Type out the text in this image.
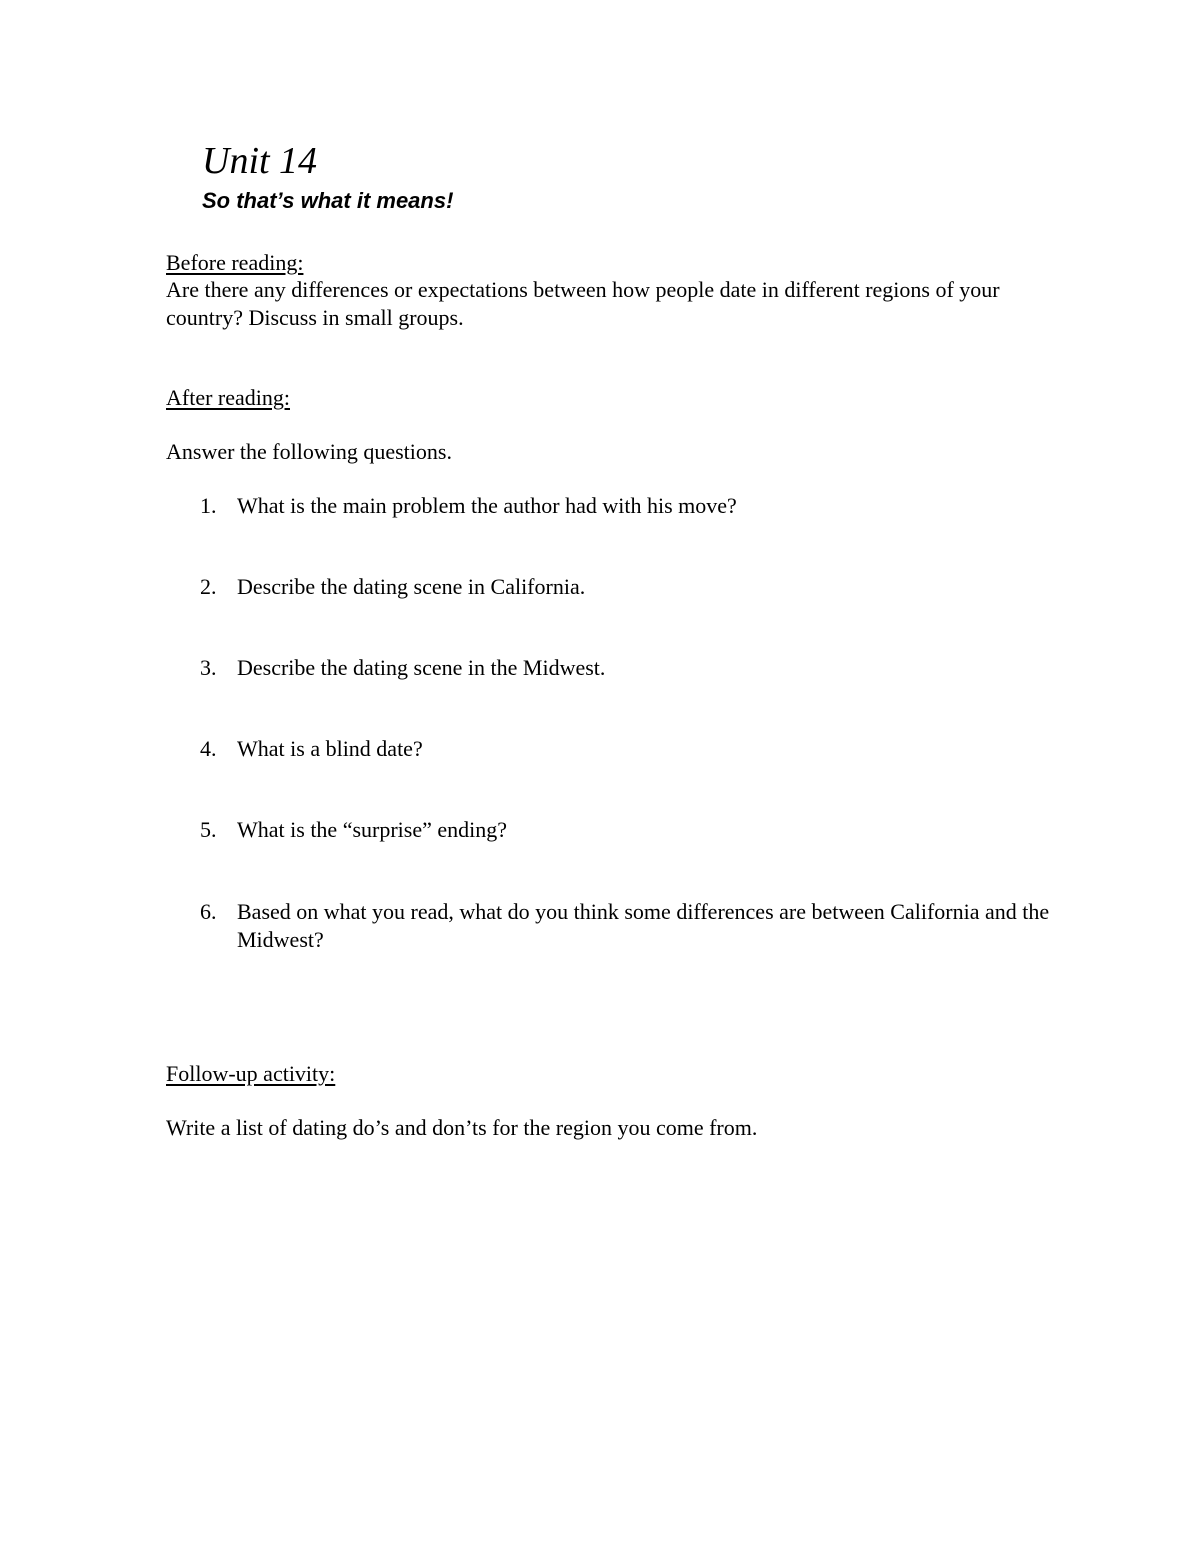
Unit 14
So that’s what it means!
Before reading:

Are there any differences or expectations between how people date in different regions of your country? Discuss in small groups.

After reading:

Answer the following questions.

1. What is the main problem the author had with his move?
2. Describe the dating scene in California.
3. Describe the dating scene in the Midwest.
4. What is a blind date?
5. What is the “surprise” ending?
6. Based on what you read, what do you think some differences are between California and the Midwest?
Follow-up activity:

Write a list of dating do’s and don’ts for the region you come from.
